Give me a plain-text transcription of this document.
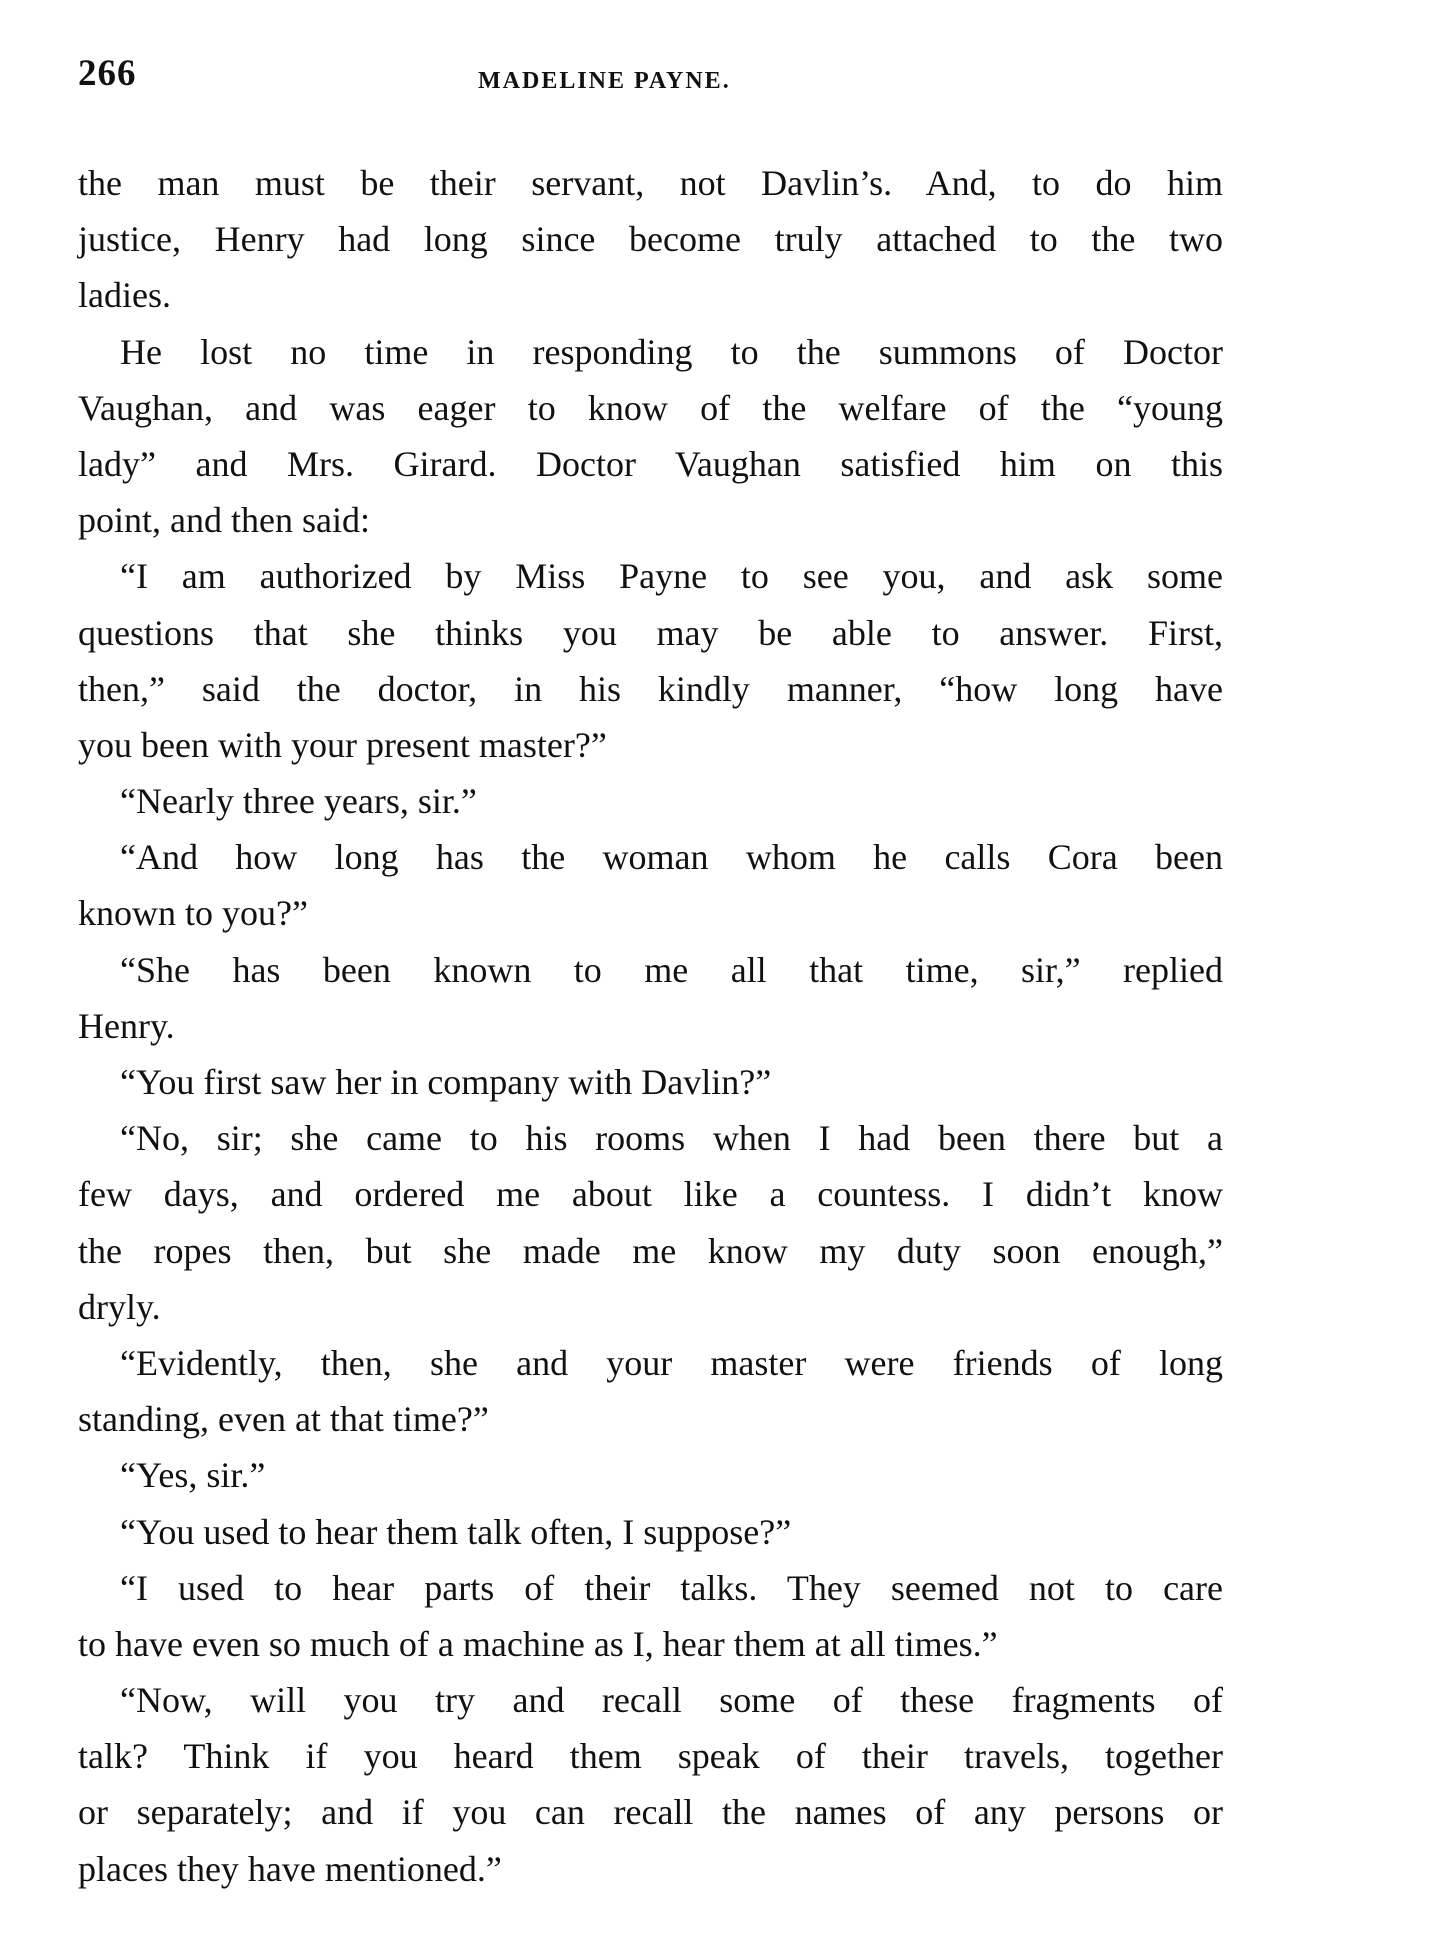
266	MADELINE PAYNE.
the man must be their servant, not Davlin’s. And, to do him
justice, Henry had long since become truly attached to the two
ladies.
He lost no time in responding to the summons of Doctor
Vaughan, and was eager to know of the welfare of the “young
lady” and Mrs. Girard. Doctor Vaughan satisfied him on this
point, and then said:
“I am authorized by Miss Payne to see you, and ask some
questions that she thinks you may be able to answer. First,
then,” said the doctor, in his kindly manner, “how long have
you been with your present master?”
“Nearly three years, sir.”
“And how long has the woman whom he calls Cora been
known to you?”
“She has been known to me all that time, sir,” replied
Henry.
“You first saw her in company with Davlin?”
“No, sir; she came to his rooms when I had been there but a
few days, and ordered me about like a countess. I didn’t know
the ropes then, but she made me know my duty soon enough,”
dryly.
“Evidently, then, she and your master were friends of long
standing, even at that time?”
“Yes, sir.”
“You used to hear them talk often, I suppose?”
“I used to hear parts of their talks. They seemed not to care
to have even so much of a machine as I, hear them at all times.”
“Now, will you try and recall some of these fragments of
talk? Think if you heard them speak of their travels, together
or separately; and if you can recall the names of any persons or
places they have mentioned.”
